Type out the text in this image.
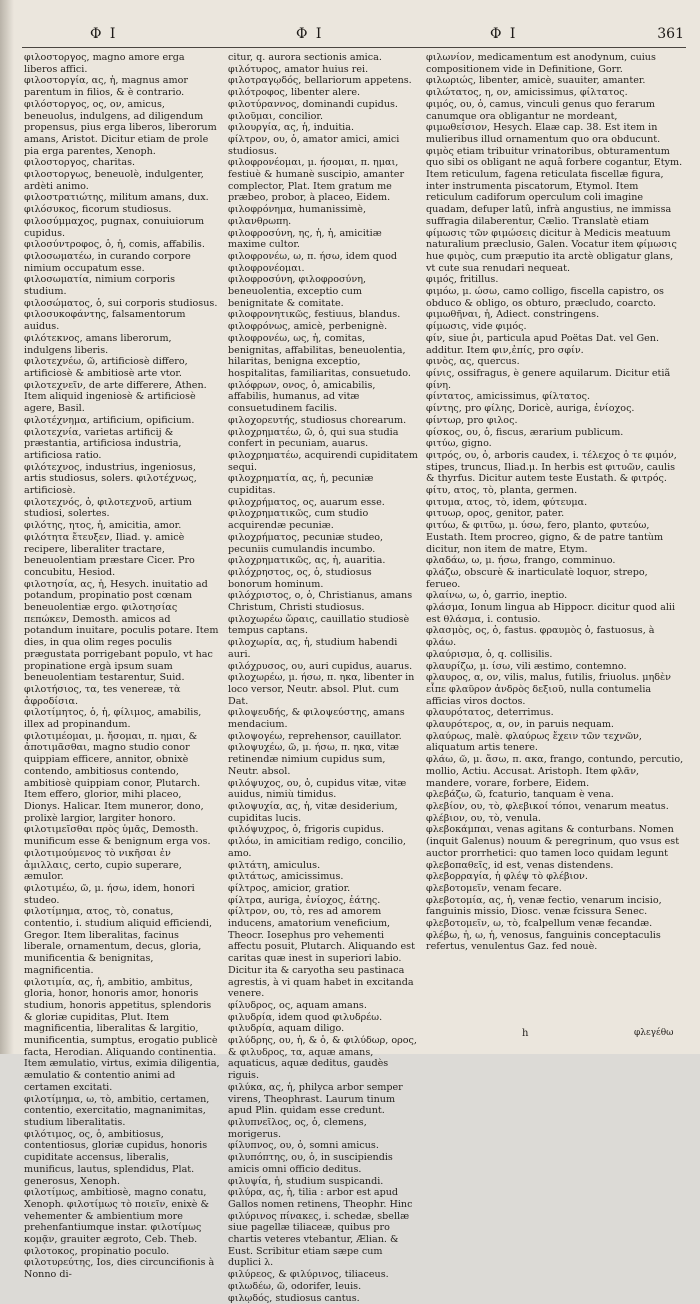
Φ Ι	Φ Ι	Φ Ι	361

φιλοστοργος, magno amore erga liberos affici.

φιλοστοργία, ας, ἡ, magnus amor parentum in filios, & è contrario.

φιλόστοργος, ος, ον, amicus, beneuolus, indulgens, ad diligendum propensus, pius erga liberos, liberorum amans, Aristot. Dicitur etiam de prole pia erga parentes, Xenoph. φιλοστοργος, charitas.

φιλοστοργως, beneuolè, indulgenter, ardèti animo.

φιλοστρατιώτης, militum amans, dux.

φιλόσυκος, ficorum studiosus.

φιλοσύμμαχος, pugnax, conuiuiorum cupidus.

φιλοσύντροφος, ὁ, ἡ, comis, affabilis.

φιλοσωματέω, in curando corpore nimium occupatum esse.

φιλοσωματία, nimium corporis studium.

φιλοσώματος, ὁ, sui corporis studiosus.

φιλοσυκοφάντης, falsamentorum auidus.

φιλότεκνος, amans liberorum, indulgens liberis.

φιλοτεχνέω, ῶ, artificiosè differo, artificiosè & ambitiosè arte vtor. φιλοτεχνεῖν, de arte differere, Athen. Item aliquid ingeniosè & artificiosè agere, Basil.

φιλοτέχνημα, artificium, opificium.

φιλοτεχνία, varietas artificij & præstantia, artificiosa industria, artificiosa ratio.

φιλότεχνος, industrius, ingeniosus, artis studiosus, solers. φιλοτέχνως, artificiosè.

φιλοτεχνός, ὁ, φιλοτεχνοῦ, artium studiosi, solertes.

φιλότης, ητος, ἡ, amicitia, amor. φιλότητα ἔτευξεν, Iliad. γ. amicè recipere, liberaliter tractare, beneuolentiam præstare Cicer. Pro concubitu, Hesiod.

φιλοτησία, ας, ἡ, Hesych. inuitatio ad potandum, propinatio post cœnam beneuolentiæ ergo. φιλοτησίας πεπώκεν, Demosth. amicos ad potandum inuitare, poculis potare. Item dies, in qua olim reges poculis prægustata porrigebant populo, vt hac propinatione ergà ipsum suam beneuolentiam testarentur, Suid.

φιλοτήσιος, τα, tes venereæ, τὰ ἀφροδίσια.

φιλοτίμητος, ὁ, ἡ, φίλιμος, amabilis, illex ad propinandum.

φιλοτιμέομαι, μ. ἤσομαι, π. ημαι, & ἀποτιμᾶσθαι, magno studio conor quippiam efficere, annitor, obnixè contendo, ambitiosus contendo, ambitiosè quippiam conor, Plutarch. Item effero, glorior, mihi placeo, Dionys. Halicar. Item muneror, dono, prolixè largior, largiter honoro. φιλοτιμεῖσθαι πρὸς ὑμᾶς, Demosth. munificum esse & benignum erga vos.

φιλοτιμούμενος τὸ νικῆσαι ἐν ἀμιλλαις, certo, cupio superare, æmulor.

φιλοτιμέω, ῶ, μ. ήσω, idem, honori studeo.

φιλοτίμημα, ατος, τὸ, conatus, contentio, i. studium aliquid efficiendi, Gregor. Item liberalitas, facinus liberale, ornamentum, decus, gloria, munificentia & benignitas, magnificentia.

φιλοτιμία, ας, ἡ, ambitio, ambitus, gloria, honor, honoris amor, honoris studium, honoris appetitus, splendoris & gloriæ cupiditas, Plut. Item magnificentia, liberalitas & largitio, munificentia, sumptus, erogatio publicè facta, Herodian. Aliquando continentia. Item æmulatio, virtus, eximia diligentia, æmulatio & contentio animi ad certamen excitati.

φιλοτίμημα, ω, τὸ, ambitio, certamen, contentio, exercitatio, magnanimitas, studium liberalitatis.

φιλότιμος, ος, ὁ, ambitiosus, contentiosus, gloriæ cupidus, honoris cupiditate accensus, liberalis, munificus, lautus, splendidus, Plat. generosus, Xenoph.

φιλοτίμως, ambitiosè, magno conatu, Xenoph. φιλοτίμως τὸ ποιεῖν, enixè & vehementer & ambientium more prehenfantiumque instar. φιλοτίμως κομᾷν, grauiter ægroto, Ceb. Theb.

φιλοτοκος, propinatio poculo.

φιλοτυρεύτης, Ios, dies circuncifionis à Nonno di-

citur, q. aurora sectionis amica.

φιλότυρος, amator huius rei.

φιλοτραγῳδός, bellariorum appetens.

φιλότροφος, libenter alere.

φιλοτύραννος, dominandi cupidus.

φιλοῦμαι, concilior.

φιλουργία, ας, ἡ, induitia.

φίλτρον, ου, ὁ, amator amici, amici studiosus.

φιλοφρονέομαι, μ. ήσομαι, π. ημαι, festiuè & humanè suscipio, amanter complector, Plat. Item gratum me præbeo, probor, à placeo, Eidem.

φιλοφρόνημα, humanissimè, φιλανθρωπη.

φιλοφροσύνη, ης, ἡ, ἡ, amicitiæ maxime cultor.

φιλοφρονέω, ω, π. ήσω, idem quod φιλοφρονέομαι.

φιλοφροσύνη, φιλοφροσύνη, beneuolentia, exceptio cum benignitate & comitate.

φιλοφρονητικῶς, festiuus, blandus.

φιλοφρόνως, amicè, perbenignè.

φιλοφρονέω, ως, ἡ, comitas, benignitas, affabilitas, beneuolentia, hilaritas, benigna exceptio, hospitalitas, familiaritas, consuetudo.

φιλόφρων, ονος, ὁ, amicabilis, affabilis, humanus, ad vitæ consuetudinem facilis.

φιλοχορευτής, studiosus chorearum.

φιλοχρηματέω, ῶ, ὁ, qui sua studia confert in pecuniam, auarus.

φιλοχρηματέω, acquirendi cupiditatem sequi.

φιλοχρηματία, ας, ἡ, pecuniæ cupiditas.

φιλοχρήματος, ος, auarum esse.

φιλοχρηματικῶς, cum studio acquirendæ pecuniæ.

φιλοχρήματος, pecuniæ studeo, pecuniis cumulandis incumbo.

φιλοχρηματικῶς, ας, ἡ, auaritia.

φιλόχρηστος, ος, ὁ, studiosus bonorum hominum.

φιλόχριστος, ο, ὁ, Christianus, amans Christum, Christi studiosus.

φιλοχωρέω ὥραις, cauillatio studiosè tempus captans.

φιλοχωρία, ας, ἡ, studium habendi auri.

φιλόχρυσος, ου, auri cupidus, auarus.

φιλοχωρέω, μ. ήσω, π. ηκα, libenter in loco versor, Neutr. absol. Plut. cum Dat.

φιλοψευδής, & φιλοψεύστης, amans mendacium.

φιλοψογέω, reprehensor, cauillator.

φιλοψυχέω, ῶ, μ. ήσω, π. ηκα, vitæ retinendæ nimium cupidus sum, Neutr. absol.

φιλόψυχος, ου, ὁ, cupidus vitæ, vitæ auidus, nimiù timidus.

φιλοψυχία, ας, ἡ, vitæ desiderium, cupiditas lucis.

φιλόψυχρος, ὁ, frigoris cupidus.

φιλόω, in amicitiam redigo, concilio, amo.

φιλτάτη, amiculus.

φιλτάτως, amicissimus.

φίλτρος, amicior, gratior.

φίλτρα, auriga, ἐνίοχος, ἐάτης.

φίλτρον, ου, τὸ, res ad amorem inducens, amatorium veneficium, Theocr. Iosephus pro vehementi affectu posuit, Plutarch. Aliquando est caritas quæ inest in superiori labio. Dicitur ita & caryotha seu pastinaca agrestis, à vi quam habet in excitanda venere.

φίλυδρος, ος, aquam amans.

φιλυδρία, idem quod φιλυδρέω.

φιλυδρία, aquam diligo.

φιλύδρης, ου, ἡ, & ὁ, & φιλύδωρ, ορος, & φιλυδρος, τα, aquæ amans, aquaticus, aquæ deditus, gaudès riguis.

φιλύκα, ας, ἡ, philyca arbor semper virens, Theophrast. Laurum tinum apud Plin. quidam esse credunt.

φιλυπνεῖλος, ος, ὁ, clemens, morigerus.

φίλυπνος, ου, ὁ, somni amicus.

φιλυπόπτης, ου, ὁ, in suscipiendis amicis omni officio deditus.

φιλυψία, ἡ, studium suspicandi.

φιλύρα, ας, ἡ, tilia : arbor est apud Gallos nomen retinens, Theophr. Hinc φιλύρινος πίνακες, i. schedæ, sbellæ siue pagellæ tiliaceæ, quibus pro chartis veteres vtebantur, Ælian. & Eust. Scribitur etiam sæpe cum duplici λ.

φιλύρεος, & φιλύρινος, tiliaceus.

φιλωδέω, ῶ, odorifer, leuis.

φιλῳδός, studiosus cantus.

φιλωνίον, medicamentum est anodynum, cuius compositionem vide in Definitione, Gorr.

φιλωριώς, libenter, amicè, suauiter, amanter.

φιλώτατος, η, ον, amicissimus, φίλτατος.

φιμός, ου, ὁ, camus, vinculi genus quo ferarum canumque ora obligantur ne mordeant, φιμωθείσιον, Hesych. Elaæ cap. 38. Est item in mulieribus illud ornamentum quo ora obducunt. φιμὸς etiam tribuitur vrinatoribus, obturamentum quo sibi os obligant ne aquâ forbere cogantur, Etym. Item reticulum, fagena reticulata fiscellæ figura, inter instrumenta piscatorum, Etymol. Item reticulum cadiforum operculum coli imagine quadam, defuper latû, infrà angustius, ne immissa suffragia dilaberentur, Cælio. Translatè etiam φίμωσις τῶν φιμώσεις dicitur à Medicis meatuum naturalium præclusio, Galen. Vocatur item φίμωσις hue φιμὸς, cum præputio ita arctè obligatur glans, vt cute sua renudari nequeat.

φιμός, fritillus.

φιμόω, μ. ώσω, camo colligo, fiscella capistro, os obduco & obligo, os obturo, præcludo, coarcto.

φιμωθῆναι, ἡ, Adiect. constringens.

φίμωσις, vide φιμός.

φίν, siue ῥι, particula apud Poëtas Dat. vel Gen. additur. Item φιν,ἐπίς, pro σφίν.

φινὸς, ας, quercus.

φίνις, ossifragus, è genere aquilarum. Dicitur etiã φίνη.

φίντατος, amicissimus, φίλτατος.

φίντης, pro φίλης, Doricè, auriga, ἐνίοχος.

φίντωρ, pro φιλος.

φίσκος, ου, ὁ, fiscus, ærarium publicum.

φιτύω, gigno.

φιτρός, ου, ὁ, arboris caudex, i. τέλεχος ὁ τε φιμόν, stipes, truncus, Iliad.μ. In herbis est φιτυῶν, caulis & thyrfus. Dicitur autem teste Eustath. & φιτρός.

φίτυ, ατος, τὸ, planta, germen.

φιτυμα, ατος, τὸ, idem, φύτευμα.

φιτυωρ, ορος, genitor, pater.

φιτύω, & φιτῦω, μ. ύσω, fero, planto, φυτεύω, Eustath. Item procreo, gigno, & de patre tantùm dicitur, non item de matre, Etym.

φλαδάω, ω, μ. ήσω, frango, comminuo.

φλάζω, obscurè & inarticulatè loquor, strepo, ferueo.

φλαίνω, ω, ὁ, garrio, ineptio.

φλάσμα, Ionum lingua ab Hippocr. dicitur quod alii est θλάσμα, i. contusio.

φλασμὸς, ος, ὁ, fastus. φραυμὸς ὁ, fastuosus, à φλάω.

φλαύρισμα, ὁ, q. collisilis.

φλαυρίζω, μ. ίσω, vili æstimo, contemno.

φλαυρος, α, ον, vilis, malus, futilis, friuolus. μηδὲν εἶπε φλαῦρον ἀνδρὸς δεξιοῦ, nulla contumelia afficias viros doctos.

φλαυρότατος, deterrimus.

φλαυρότερος, α, ον, in paruis nequam.

φλαύρως, malè. φλαύρως ἔχειν τῶν τεχνῶν, aliquatum artis tenere.

φλάω, ῶ, μ. ἄσω, π. ακα, frango, contundo, percutio, mollio, Actiu. Accusat. Aristoph. Item φλᾶν, mandere, vorare, forbere, Eidem.

φλεβάζω, ῶ, fcaturio, tanquam è vena.

φλεβίον, ου, τὸ, φλεβικοί τόποι, venarum meatus.

φλέβιον, ου, τὸ, venula.

φλεβοκάμπαι, venas agitans & conturbans. Nomen (inquit Galenus) nouum & peregrinum, quo vsus est auctor prorrhetici: quo tamen loco quidam legunt φλεβοπαθεῖς, id est, venas distendens.

φλεβορραγία, ἡ φλέψ τὸ φλέβιον.

φλεβοτομεῖν, venam fecare.

φλεβοτομία, ας, ἡ, venæ fectio, venarum incisio, fanguinis missio, Diosc. venæ fcissura Senec.

φλεβοτομεῖν, ω, τὸ, fcalpellum venæ fecandæ.

φλέβω, ἡ, ω, ἡ, venosus, fanguinis conceptaculis refertus, venulentus Gaz. fed nouè.

h	φλεγέθω
